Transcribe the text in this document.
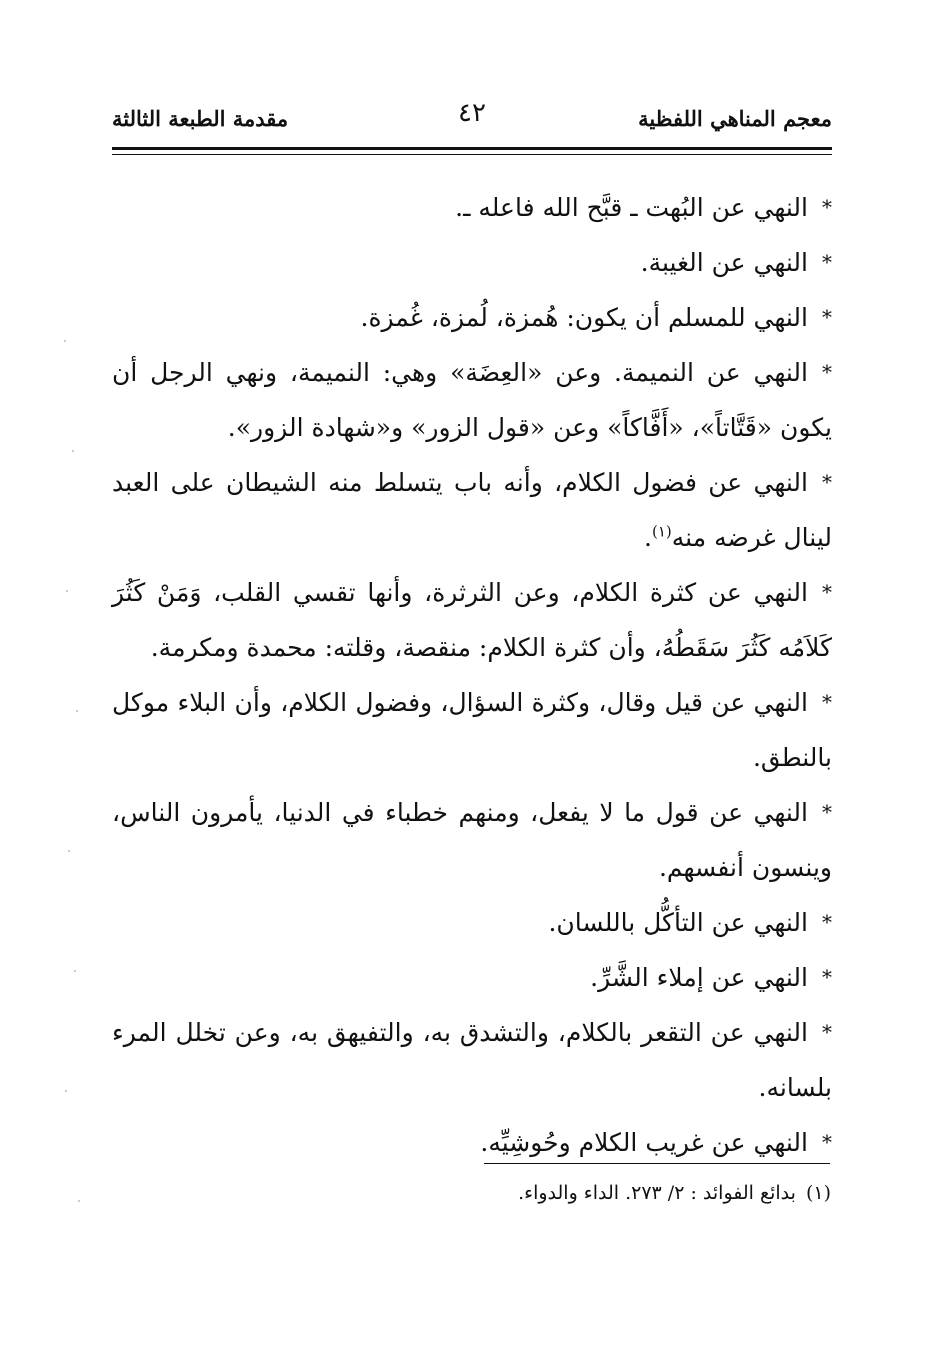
معجم المناهي اللفظية
٤٢
مقدمة الطبعة الثالثة

*النهي عن البُهت ـ قبَّح الله فاعله ـ.

*النهي عن الغيبة.

*النهي للمسلم أن يكون: هُمزة، لُمزة، غُمزة.

*النهي عن النميمة. وعن «العِضَة» وهي: النميمة، ونهي الرجل أن يكون «قَتَّاتاً»، «أَفَّاكاً» وعن «قول الزور» و«شهادة الزور».

*النهي عن فضول الكلام، وأنه باب يتسلط منه الشيطان على العبد لينال غرضه منه$^{(١)}$.

*النهي عن كثرة الكلام، وعن الثرثرة، وأنها تقسي القلب، وَمَنْ كَثُرَ كَلاَمُه كَثُرَ سَقَطُهُ، وأن كثرة الكلام: منقصة، وقلته: محمدة ومكرمة.

*النهي عن قيل وقال، وكثرة السؤال، وفضول الكلام، وأن البلاء موكل بالنطق.

*النهي عن قول ما لا يفعل، ومنهم خطباء في الدنيا، يأمرون الناس، وينسون أنفسهم.

*النهي عن التأكُّل باللسان.

*النهي عن إملاء الشَّرِّ.

*النهي عن التقعر بالكلام، والتشدق به، والتفيهق به، وعن تخلل المرء بلسانه.

*النهي عن غريب الكلام وحُوشِيِّه.

(١)بدائع الفوائد : ٢/ ٢٧٣. الداء والدواء.
